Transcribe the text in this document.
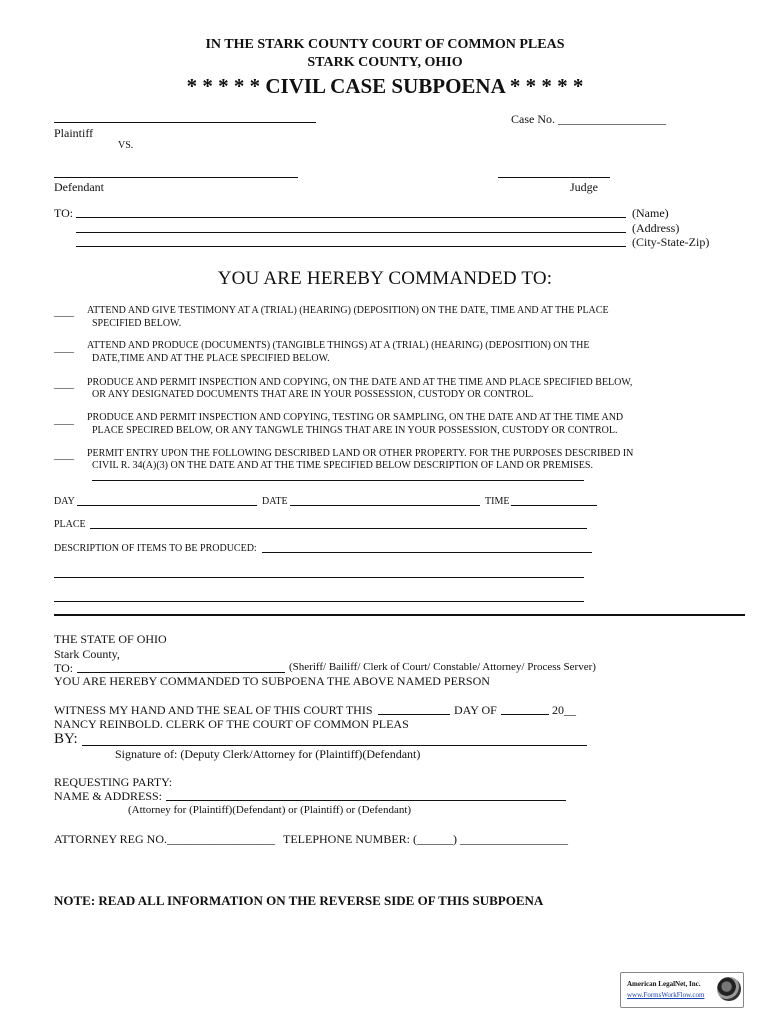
IN THE STARK COUNTY COURT OF COMMON PLEAS
STARK COUNTY, OHIO
* * * * * CIVIL CASE SUBPOENA * * * * *
Case No. __________________
Plaintiff
VS.
Defendant	Judge
TO:	(Name)
(Address)
(City-State-Zip)
YOU ARE HEREBY COMMANDED TO:
____ ATTEND AND GIVE TESTIMONY AT A (TRIAL) (HEARING) (DEPOSITION) ON THE DATE, TIME AND AT THE PLACE
SPECIFIED BELOW.
____ ATTEND AND PRODUCE (DOCUMENTS) (TANGIBLE THINGS) AT A (TRIAL) (HEARING) (DEPOSITION) ON THE
DATE,TIME AND AT THE PLACE SPECIFIED BELOW.
____ PRODUCE AND PERMIT INSPECTION AND COPYING, ON THE DATE AND AT THE TIME AND PLACE SPECIFIED BELOW,
OR ANY DESIGNATED DOCUMENTS THAT ARE IN YOUR POSSESSION, CUSTODY OR CONTROL.
____ PRODUCE AND PERMIT INSPECTION AND COPYING, TESTING OR SAMPLING, ON THE DATE AND AT THE TIME AND
PLACE SPECIRED BELOW, OR ANY TANGWLE THINGS THAT ARE IN YOUR POSSESSION, CUSTODY OR CONTROL.
____ PERMIT ENTRY UPON THE FOLLOWING DESCRIBED LAND OR OTHER PROPERTY. FOR THE PURPOSES DESCRIBED IN
CIVIL R. 34(A)(3) ON THE DATE AND AT THE TIME SPECIFIED BELOW DESCRIPTION OF LAND OR PREMISES.
DAY	DATE	TIME
PLACE
DESCRIPTION OF ITEMS TO BE PRODUCED:
THE STATE OF OHIO
Stark County,
TO:	(Sheriff/ Bailiff/ Clerk of Court/ Constable/ Attorney/ Process Server)
YOU ARE HEREBY COMMANDED TO SUBPOENA THE ABOVE NAMED PERSON
WITNESS MY HAND AND THE SEAL OF THIS COURT THIS	DAY OF	20__
NANCY REINBOLD. CLERK OF THE COURT OF COMMON PLEAS
BY:
Signature of: (Deputy Clerk/Attorney for (Plaintiff)(Defendant)
REQUESTING PARTY:
NAME & ADDRESS:
(Attorney for (Plaintiff)(Defendant) or (Plaintiff) or (Defendant)
ATTORNEY REG NO.__________________ TELEPHONE NUMBER: (______) __________________
NOTE: READ ALL INFORMATION ON THE REVERSE SIDE OF THIS SUBPOENA
American LegalNet, Inc.
www.FormsWorkFlow.com
